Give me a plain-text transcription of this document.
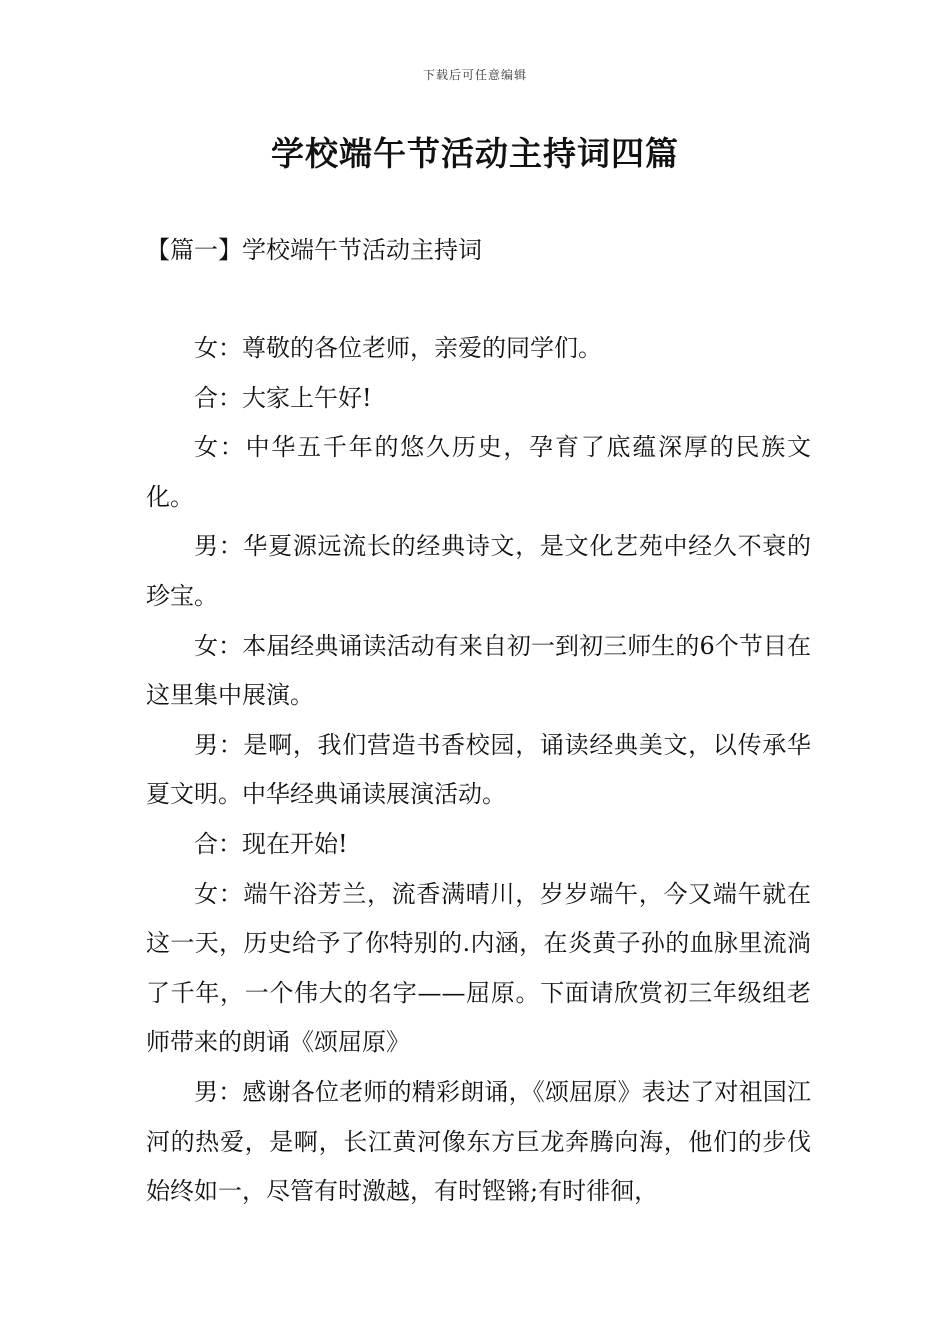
下载后可任意编辑
学校端午节活动主持词四篇
【篇一】学校端午节活动主持词

女：尊敬的各位老师，亲爱的同学们。

合：大家上午好!

女：中华五千年的悠久历史，孕育了底蕴深厚的民族文化。

男：华夏源远流长的经典诗文，是文化艺苑中经久不衰的珍宝。

女：本届经典诵读活动有来自初一到初三师生的6个节目在这里集中展演。

男：是啊，我们营造书香校园，诵读经典美文，以传承华夏文明。中华经典诵读展演活动。

合：现在开始!

女：端午浴芳兰，流香满晴川，岁岁端午，今又端午就在这一天，历史给予了你特别的.内涵，在炎黄子孙的血脉里流淌了千年，一个伟大的名字——屈原。下面请欣赏初三年级组老师带来的朗诵《颂屈原》

男：感谢各位老师的精彩朗诵，《颂屈原》表达了对祖国江河的热爱，是啊，长江黄河像东方巨龙奔腾向海，他们的步伐始终如一，尽管有时激越，有时铿锵;有时徘徊，
